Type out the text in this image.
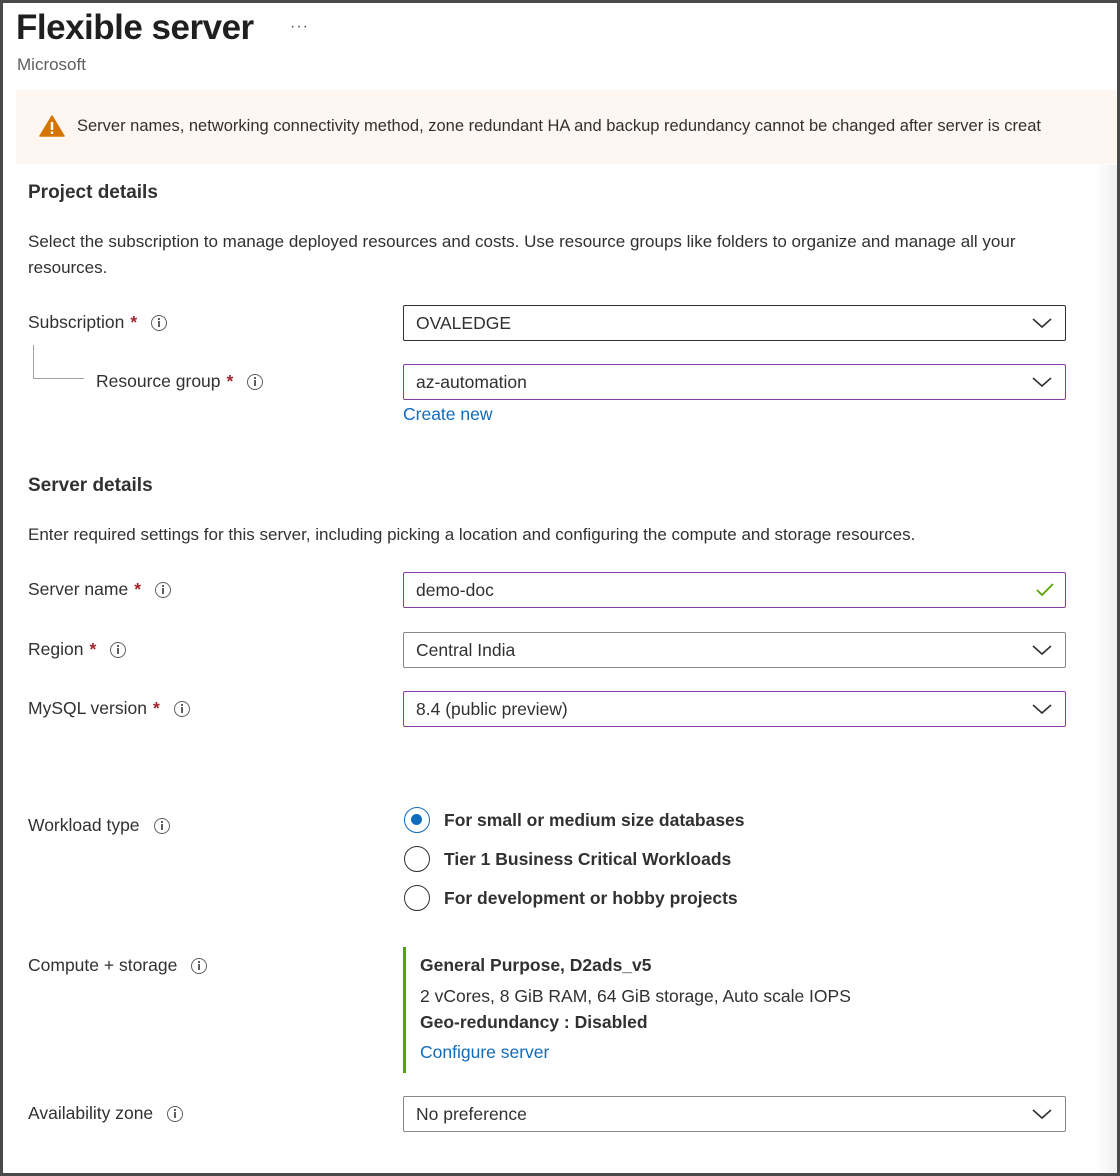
Flexible server ···
Microsoft
Server names, networking connectivity method, zone redundant HA and backup redundancy cannot be changed after server is creat
Project details
Select the subscription to manage deployed resources and costs. Use resource groups like folders to organize and manage all your resources.
Subscription *	OVALEDGE
Resource group *	az-automation
Create new
Server details
Enter required settings for this server, including picking a location and configuring the compute and storage resources.
Server name *	demo-doc
Region *	Central India
MySQL version *	8.4 (public preview)
Workload type	For small or medium size databases
Tier 1 Business Critical Workloads
For development or hobby projects
Compute + storage	General Purpose, D2ads_v5
2 vCores, 8 GiB RAM, 64 GiB storage, Auto scale IOPS
Geo-redundancy : Disabled
Configure server
Availability zone	No preference
